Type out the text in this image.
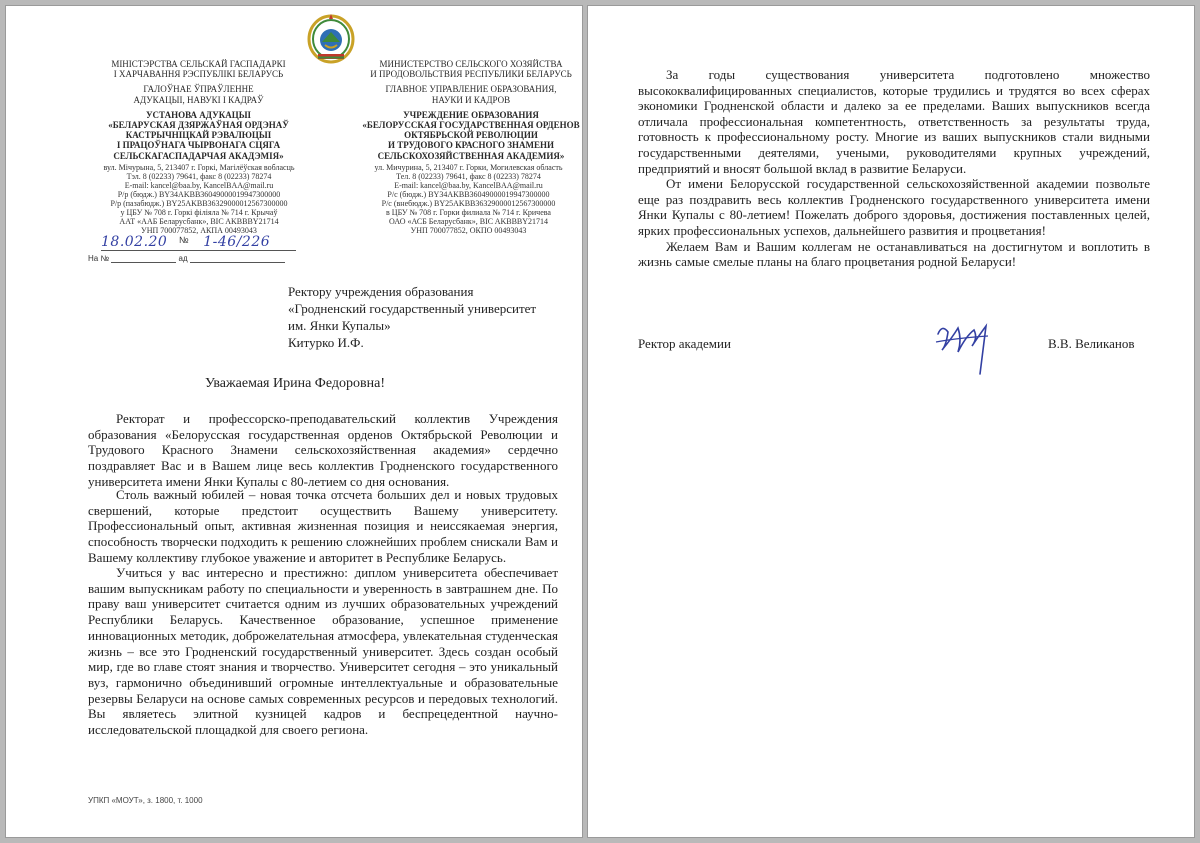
МІНІСТЭРСТВА СЕЛЬСКАЙ ГАСПАДАРКІ
І ХАРЧАВАННЯ РЭСПУБЛІКІ БЕЛАРУСЬ
ГАЛОЎНАЕ ЎПРАЎЛЕННЕ
АДУКАЦЫІ, НАВУКІ І КАДРАЎ
УСТАНОВА АДУКАЦЫІ
«БЕЛАРУСКАЯ ДЗЯРЖАЎНАЯ ОРДЭНАЎ
КАСТРЫЧНІЦКАЙ РЭВАЛЮЦЫІ
І ПРАЦОЎНАГА ЧЫРВОНАГА СЦЯГА
СЕЛЬСКАГАСПАДАРЧАЯ АКАДЭМІЯ»
МИНИСТЕРСТВО СЕЛЬСКОГО ХОЗЯЙСТВА
И ПРОДОВОЛЬСТВИЯ РЕСПУБЛИКИ БЕЛАРУСЬ
ГЛАВНОЕ УПРАВЛЕНИЕ ОБРАЗОВАНИЯ,
НАУКИ И КАДРОВ
УЧРЕЖДЕНИЕ ОБРАЗОВАНИЯ
«БЕЛОРУССКАЯ ГОСУДАРСТВЕННАЯ ОРДЕНОВ
ОКТЯБРЬСКОЙ РЕВОЛЮЦИИ
И ТРУДОВОГО КРАСНОГО ЗНАМЕНИ
СЕЛЬСКОХОЗЯЙСТВЕННАЯ АКАДЕМИЯ»
вул. Мічурына, 5, 213407 г. Горкі, Магілёўская вобласць
Тэл. 8 (02233) 79641, факс 8 (02233) 78274
E-mail: kancel@baa.by, KancelBAA@mail.ru
Р/р (бюдж.) BY34AKBB36049000019947300000
Р/р (пазабюдж.) BY25AKBB36329000012567300000
у ЦБУ № 708 г. Горкі філіяла № 714 г. Крычаў
ААТ «ААБ Беларусбанк», BIC AKBBBY21714
УНП 700077852, АКПА 00493043
ул. Мичурина, 5, 213407 г. Горки, Могилевская область
Тел. 8 (02233) 79641, факс 8 (02233) 78274
E-mail: kancel@baa.by, KancelBAA@mail.ru
Р/с (бюдж.) BY34AKBB36049000019947300000
Р/с (внебюдж.) BY25AKBB36329000012567300000
в ЦБУ № 708 г. Горки филиала № 714 г. Кричева
ОАО «АСБ Беларусбанк», BIC AKBBBY21714
УНП 700077852, ОКПО 00493043
18.02.20	1-46/226
№
На №	ад
Ректору учреждения образования
«Гродненский государственный университет
им. Янки Купалы»
Китурко И.Ф.
Уважаемая Ирина Федоровна!

Ректорат и профессорско-преподавательский коллектив Учреждения образования «Белорусская государственная орденов Октябрьской Революции и Трудового Красного Знамени сельскохозяйственная академия» сердечно поздравляет Вас и в Вашем лице весь коллектив Гродненского государственного университета имени Янки Купалы с 80-летием со дня основания.

Столь важный юбилей – новая точка отсчета больших дел и новых трудовых свершений, которые предстоит осуществить Вашему университету. Профессиональный опыт, активная жизненная позиция и неиссякаемая энергия, способность творчески подходить к решению сложнейших проблем снискали Вам и Вашему коллективу глубокое уважение и авторитет в Республике Беларусь.

Учиться у вас интересно и престижно: диплом университета обеспечивает вашим выпускникам работу по специальности и уверенность в завтрашнем дне. По праву ваш университет считается одним из лучших образовательных учреждений Республики Беларусь. Качественное образование, успешное применение инновационных методик, доброжелательная атмосфера, увлекательная студенческая жизнь – все это Гродненский государственный университет. Здесь создан особый мир, где во главе стоят знания и творчество. Университет сегодня – это уникальный вуз, гармонично объединивший огромные интеллектуальные и образовательные резервы Беларуси на основе самых современных ресурсов и передовых технологий. Вы являетесь элитной кузницей кадров и беспрецедентной научно-исследовательской площадкой для своего региона.

УПКП «МОУТ», з. 1800, т. 1000

За годы существования университета подготовлено множество высококвалифицированных специалистов, которые трудились и трудятся во всех сферах экономики Гродненской области и далеко за ее пределами. Ваших выпускников всегда отличала профессиональная компетентность, ответственность за результаты труда, готовность к профессиональному росту. Многие из ваших выпускников стали видными государственными деятелями, учеными, руководителями крупных учреждений, предприятий и вносят большой вклад в развитие Беларуси.

От имени Белорусской государственной сельскохозяйственной академии позвольте еще раз поздравить весь коллектив Гродненского государственного университета имени Янки Купалы с 80-летием! Пожелать доброго здоровья, достижения поставленных целей, ярких профессиональных успехов, дальнейшего развития и процветания!

Желаем Вам и Вашим коллегам не останавливаться на достигнутом и воплотить в жизнь самые смелые планы на благо процветания родной Беларуси!

Ректор академии	В.В. Великанов
